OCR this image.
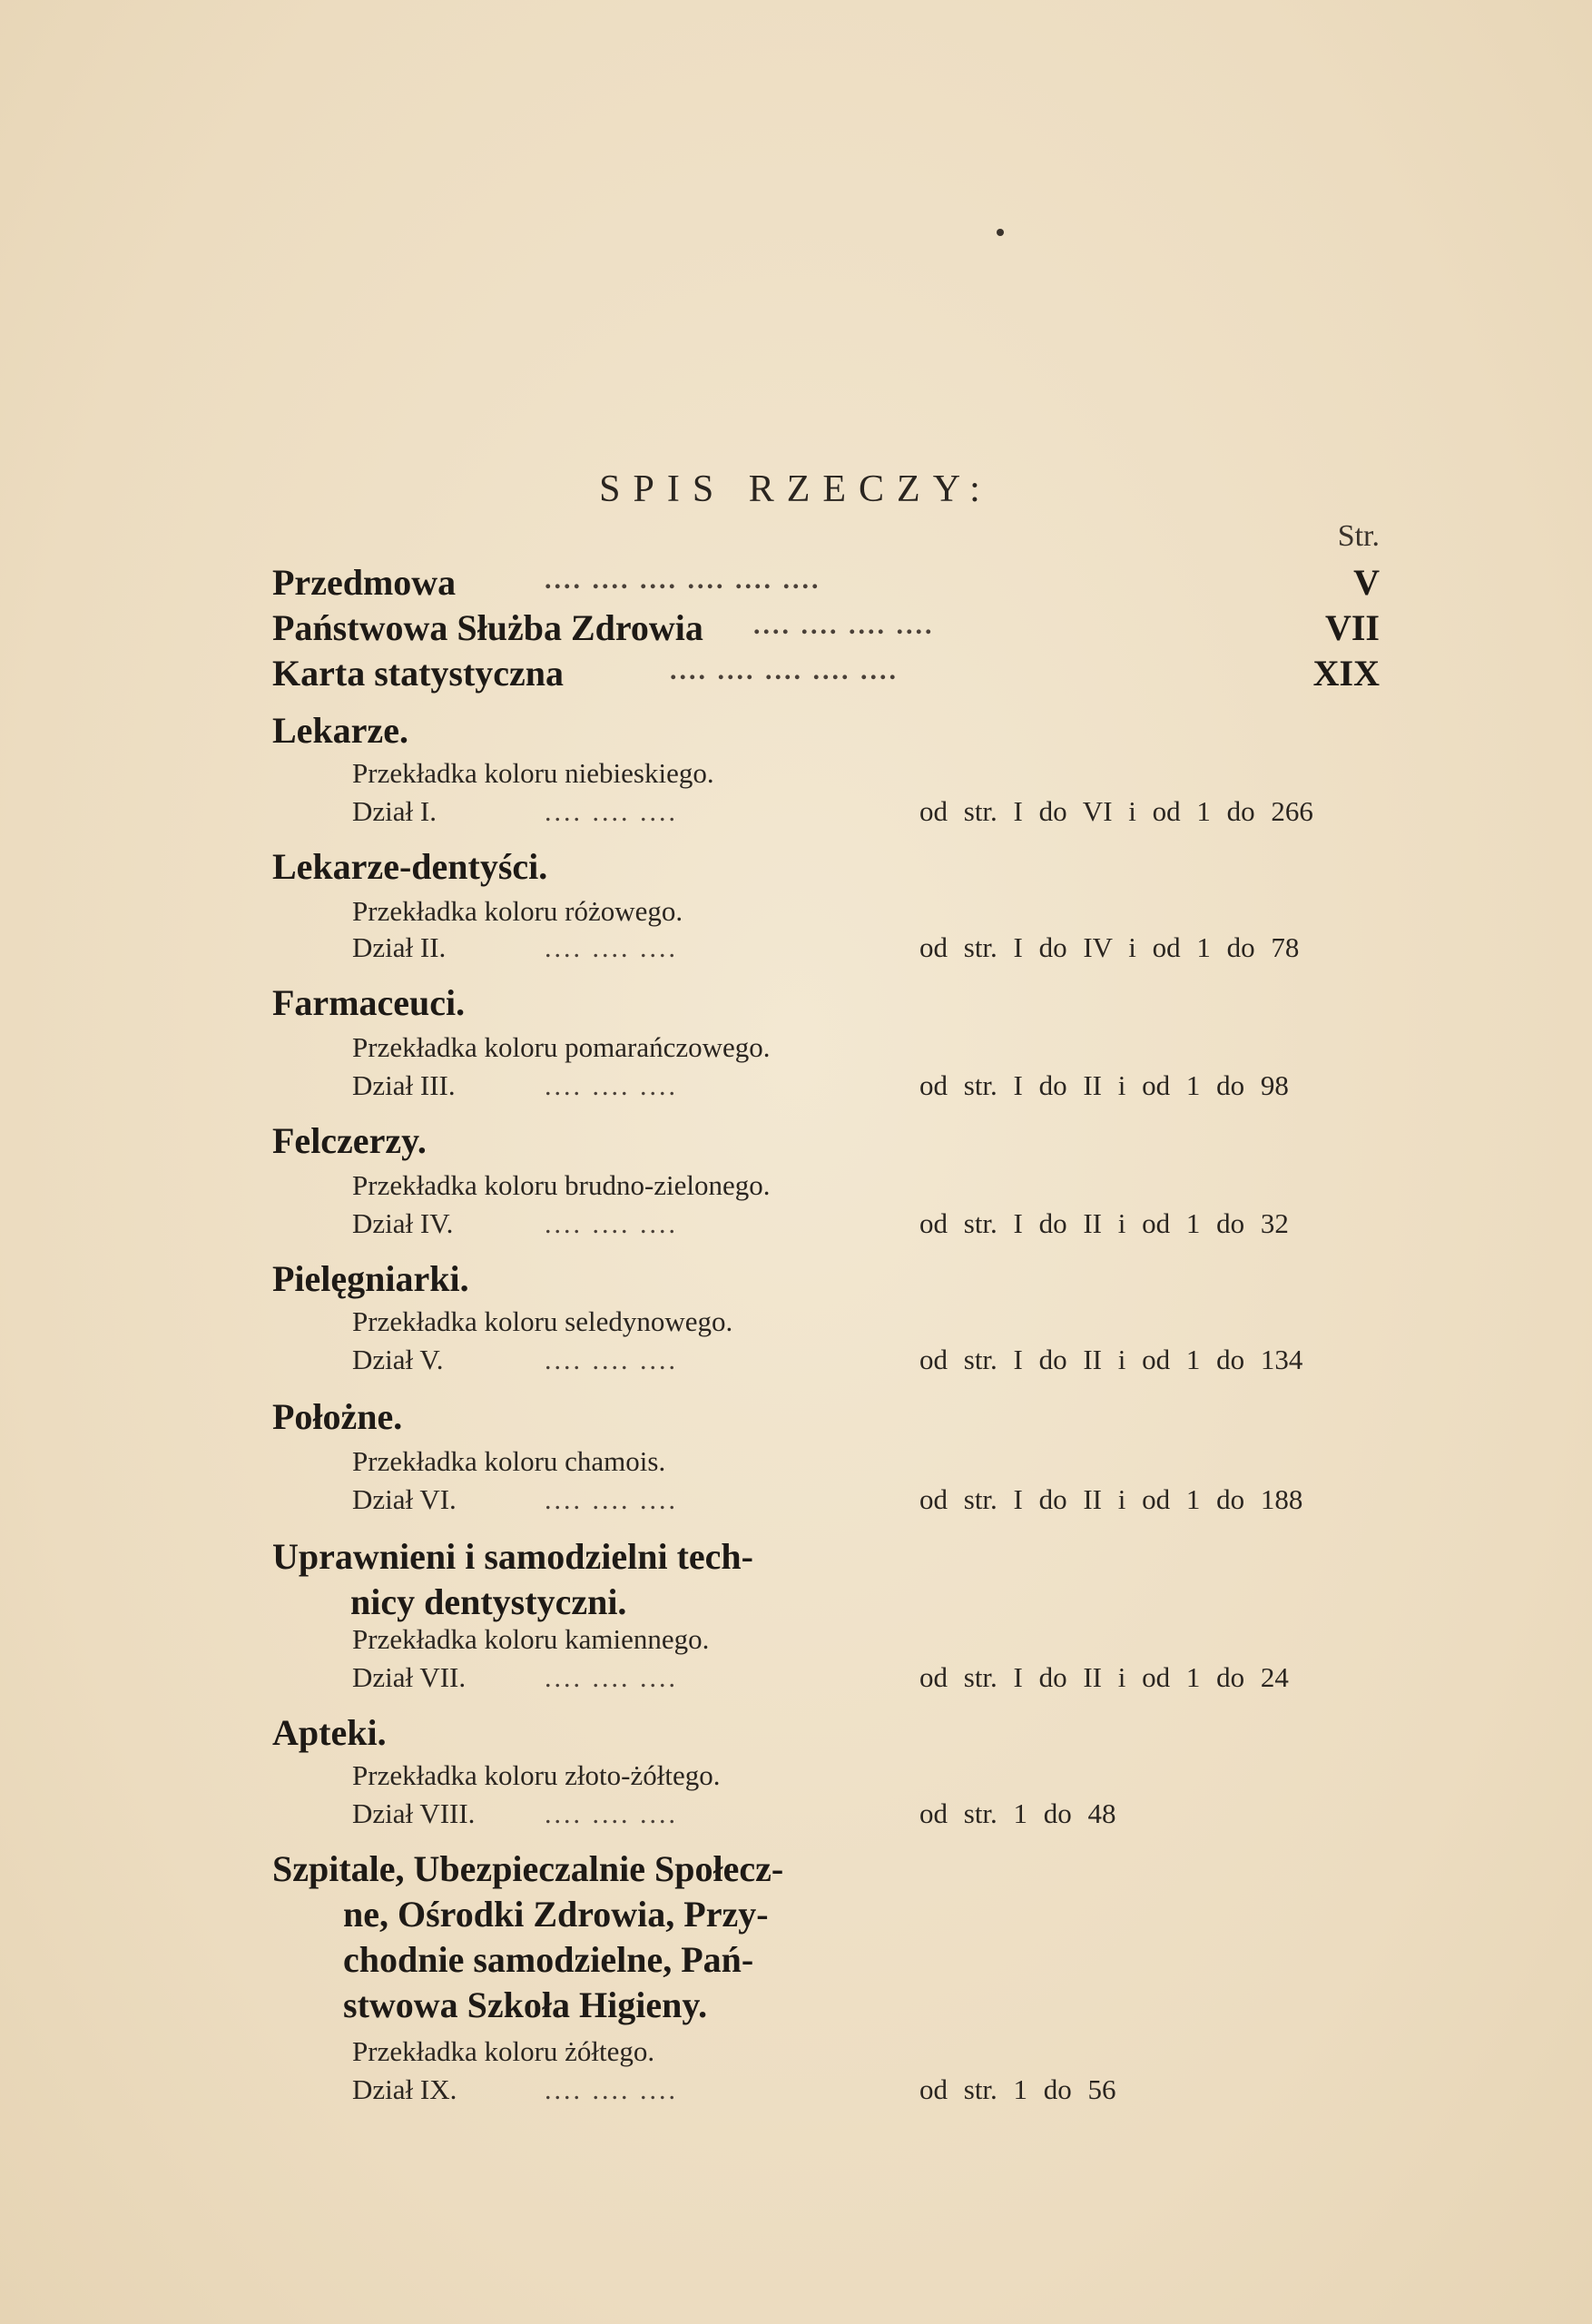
SPIS RZECZY:
Str.
Przedmowa	.... .... .... .... .... ....	V
Państwowa Służba Zdrowia .... .... .... ....	VII
Karta statystyczna	.... .... .... .... ....	XIX
Lekarze.
Przekładka koloru niebieskiego.
Dział I.	.... .... ....	od str. I do VI i od 1 do 266
Lekarze-dentyści.
Przekładka koloru różowego.
Dział II.	.... .... ....	od str. I do IV i od 1 do 78
Farmaceuci.
Przekładka koloru pomarańczowego.
Dział III.	.... .... ....	od str. I do II i od 1 do 98
Felczerzy.
Przekładka koloru brudno-zielonego.
Dział IV.	.... .... ....	od str. I do II i od 1 do 32
Pielęgniarki.
Przekładka koloru seledynowego.
Dział V.	.... .... ....	od str. I do II i od 1 do 134
Położne.
Przekładka koloru chamois.
Dział VI.	.... .... ....	od str. I do II i od 1 do 188
Uprawnieni i samodzielni tech-
nicy dentystyczni.
Przekładka koloru kamiennego.
Dział VII.	.... .... ....	od str. I do II i od 1 do 24
Apteki.
Przekładka koloru złoto-żółtego.
Dział VIII.	.... .... ....	od str. 1 do 48
Szpitale, Ubezpieczalnie Społecz-
ne, Ośrodki Zdrowia, Przy-
chodnie samodzielne, Pań-
stwowa Szkoła Higieny.
Przekładka koloru żółtego.
Dział IX.	.... .... ....	od str. 1 do 56
